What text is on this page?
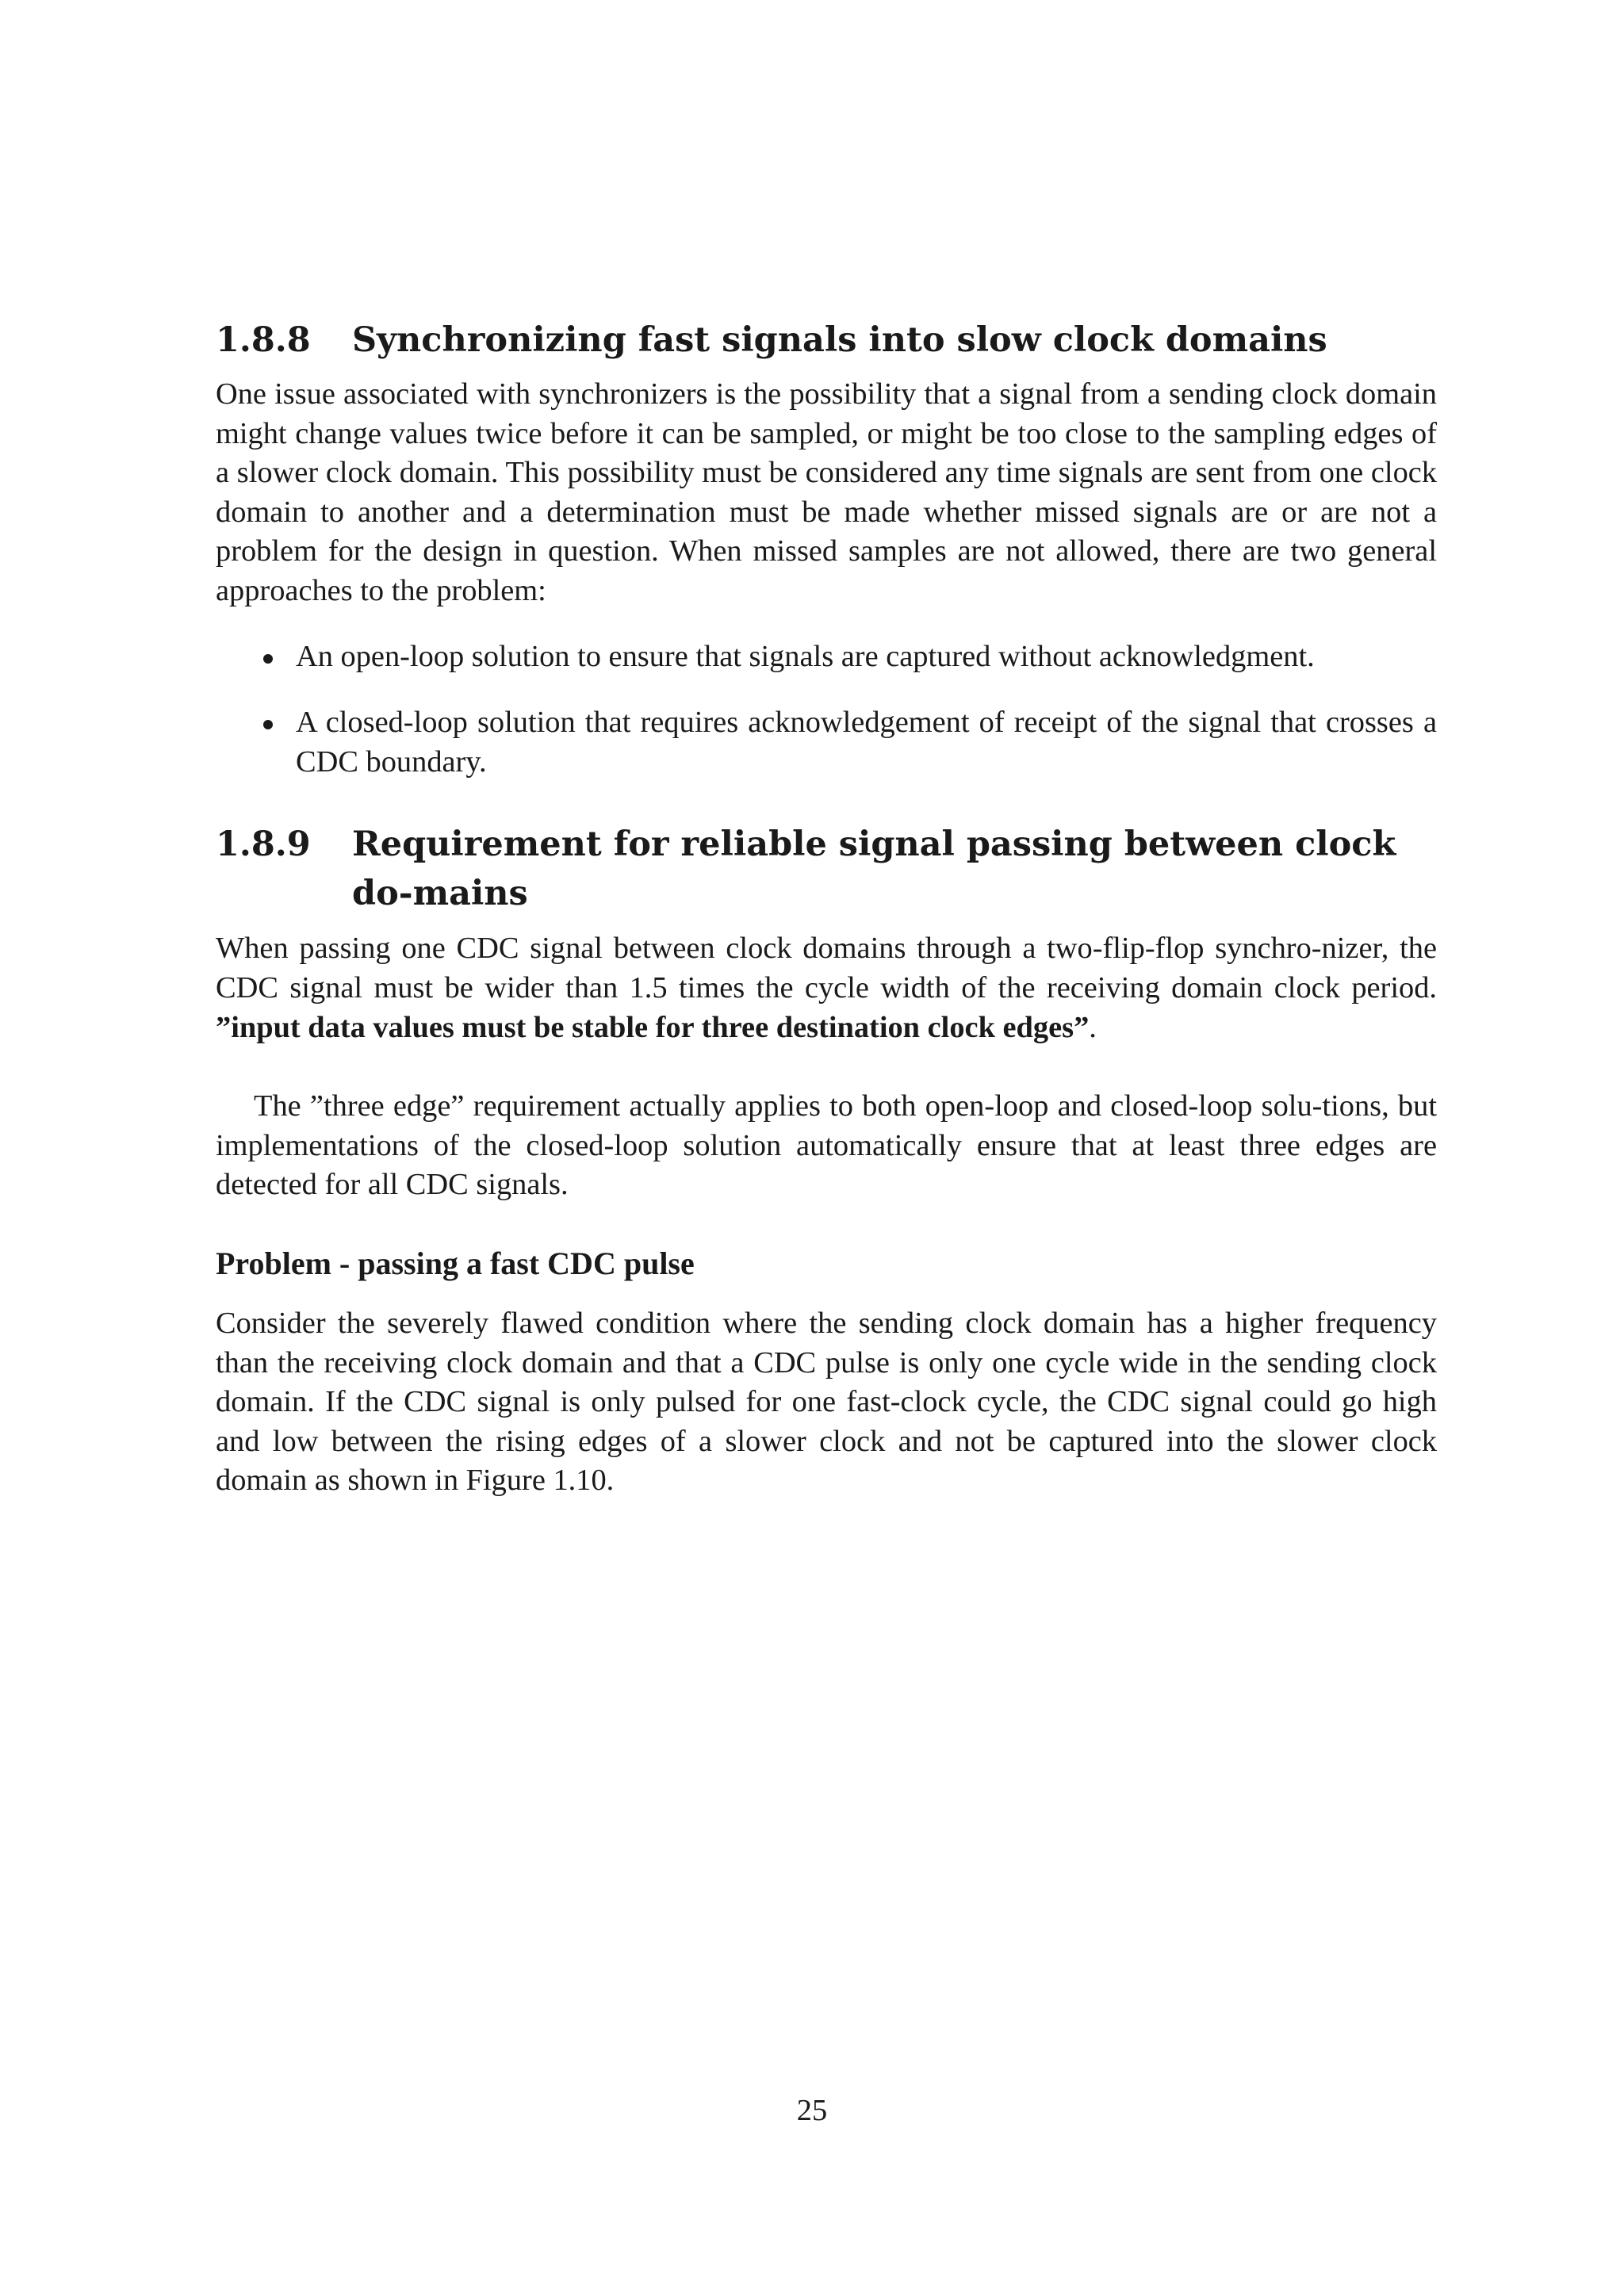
1.8.8	Synchronizing fast signals into slow clock domains

One issue associated with synchronizers is the possibility that a signal from a sending clock domain might change values twice before it can be sampled, or might be too close to the sampling edges of a slower clock domain. This possibility must be considered any time signals are sent from one clock domain to another and a determination must be made whether missed signals are or are not a problem for the design in question. When missed samples are not allowed, there are two general approaches to the problem:

An open-loop solution to ensure that signals are captured without acknowledgment.
A closed-loop solution that requires acknowledgement of receipt of the signal that crosses a CDC boundary.
1.8.9	Requirement for reliable signal passing between clock do-mains

When passing one CDC signal between clock domains through a two-flip-flop synchro-nizer, the CDC signal must be wider than 1.5 times the cycle width of the receiving domain clock period. ”input data values must be stable for three destination clock edges”.

The ”three edge” requirement actually applies to both open-loop and closed-loop solu-tions, but implementations of the closed-loop solution automatically ensure that at least three edges are detected for all CDC signals.

Problem - passing a fast CDC pulse

Consider the severely flawed condition where the sending clock domain has a higher frequency than the receiving clock domain and that a CDC pulse is only one cycle wide in the sending clock domain. If the CDC signal is only pulsed for one fast-clock cycle, the CDC signal could go high and low between the rising edges of a slower clock and not be captured into the slower clock domain as shown in Figure 1.10.

25
